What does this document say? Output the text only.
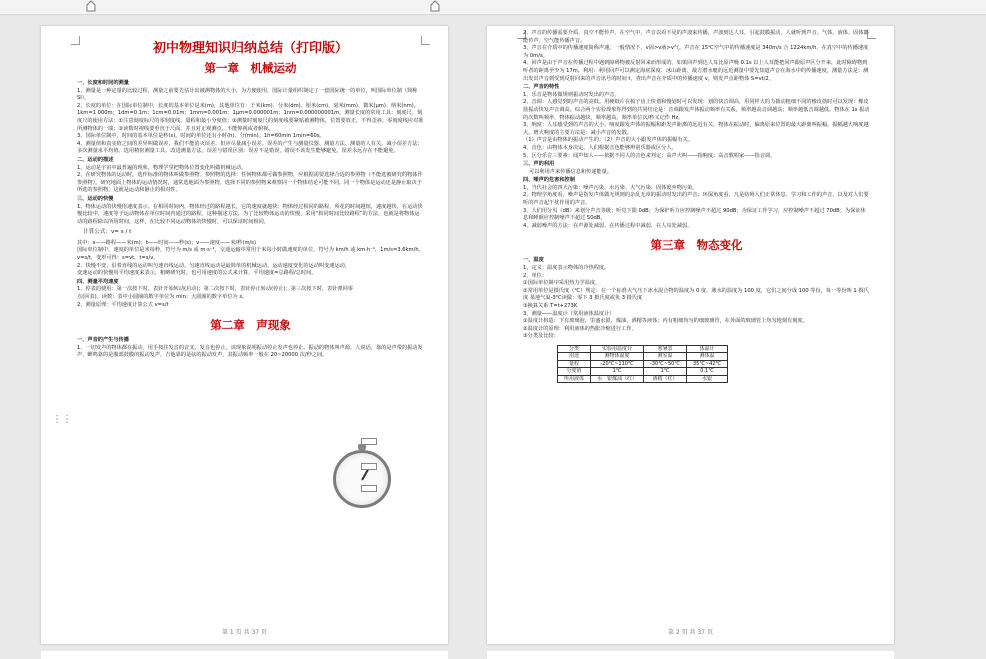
初中物理知识归纳总结（打印版）
第一章　机械运动
一、长度和时间的测量

1、测量是一种定量的比较过程，测量之前要先估计出被测物体的大小，为方便使用，国际计量组织制定了一套国际统一的单位，叫国际单位制（简称 SI）。

2、长度的单位：在国际单位制中，长度的基本单位是米(m)，其他单位有：千米(km)、分米(dm)、厘米(cm)、毫米(mm)、微米(μm)、纳米(nm)。1km=1 000m；1dm=0.1m；1cm=0.01m；1mm=0.001m；1μm=0.000001m；1nm=0.000000001m。测量长度的常用工具：刻度尺。刻度尺的使用方法：①注意刻度标尺的零刻度线、量程和最小分度值；②测量时刻度尺的刻度线要紧贴被测物体，位置要放正，不得歪斜，零刻度线应对准所测物体的一端；③读数时视线要垂直于尺面，并且对正观测点，不能仰视或者俯视。

3、国际单位制中，时间的基本单位是秒(s)。时间的单位还有小时(h)、分(min)。1h=60min 1min=60s。

4、测量值和真实值之间的差异叫做误差，我们不能消灭误差，但应尽量减小误差。误差的产生与测量仪器、测量方法、测量的人有关。减小误差方法：多次测量求平均值、选用精密测量工具、改进测量方法。误差与错误区别：误差不是错误，错误不该发生能够避免，误差永远存在不能避免。

二、运动的描述

1、运动是宇宙中最普遍的现象，物理学里把物体位置变化叫做机械运动。

2、在研究物体的运动时，选作标准的物体叫做参照物。参照物的选择：任何物体都可做参照物，应根据需要选择合适的参照物（不能选被研究的物体作参照物）。研究地面上物体的运动情况时，通常选地面为参照物。选择不同的参照物来观察同一个物体结论可能不同。同一个物体是运动还是静止取决于所选的参照物，这就是运动和静止的相对性。

三、运动的快慢

1、物体运动的快慢用速度表示。在相同时间内，物体经过的路程越长，它的速度就越快；物体经过相同的路程，所花的时间越短，速度越快。在运动快慢比较中，速度等于运动物体在单位时间内通过的路程。这种描述方法，为了比较物体运动的快慢，采用“相同时间比较路程”的方法，也就是将物体运动的路程除以所用时间。这样，在比较不同运动物体的快慢时，可以保证时间相同。

计算公式：v= s / t

其中：s——路程——米(m)；t——时间——秒(s)；v——速度——米/秒(m/s)

国际单位制中，速度的单位是米每秒，符号为 m/s 或 m·s⁻¹，交通运输中常用千米每小时做速度的单位，符号为 km/h 或 km·h⁻¹，1m/s=3.6km/h。v=s/t，变形可得：s=vt，t=s/v。

2、快慢不变，沿着直线的运动叫匀速直线运动。匀速直线运动是最简单的机械运动。运动速度变化的运动叫变速运动，变速运动的快慢用平均速度来表示，粗略研究时，也可用速度的公式来计算，平均速度=总路程/总时间。

四、测量平均速度

1、停表的使用：第一次按下时，表针开始转动(启动)；第二次按下时，表针停止转动(停止)；第三次按下时，表针弹回零点(回表)。读数：表中小圆圈的数字单位为 min；大圆圈的数字单位为 s。

2、测量原理：平均速度计算公式 v=s/t

第二章　声现象
一、声音的产生与传播

1、一切发声的物体都在振动。用手按住发音的音叉，发音也停止，该现象说明振动停止发声也停止。振动的物体叫声源。人说话，靠的是声带的振动发声，蝉鸣靠的是腹部鼓膜的振动发声，吉他靠的是弦的振动发声，其振动频率一般在 20~20000 次/秒之间。

第 1 页 共 37 页
⋮⋮

2、声音的传播需要介质，真空不能传声。在空气中，声音以看不见的声波来传播，声波到达人耳，引起鼓膜振动，人就听到声音。气体、液体、固体都能传声，空气能传播声音。

3、声音在介质中的传播速度简称声速。一般情况下，v固>v液>v气，声音在 15℃空气中的传播速度是 340m/s 合 1224km/h，在真空中的传播速度为 0m/s。

4、回声是由于声音在传播过程中遇到障碍物被反射回来而形成的。如果回声到达人耳比原声晚 0.1s 以上人耳能把回声跟原声区分开来，此时障碍物到听者的距离至少为 17m。利用：利用回声可以测定海底深度、冰山距离、敌方潜水艇的远近测量中要先知道声音在海水中的传播速度，测量方法是：测出发出声音到受到反射回来的声音讯号的时间 t，查出声音在介质中的传播速度 v，则发声点距物体 S=vt/2。

二、声音的特性

1、乐音是物体做规则振动时发出的声音。

2、音调：人感觉到的声音的高低。用硬纸片在梳子齿上快划和慢划时可以发现：划的快音调高，用同样大的力拨动粗细不同的橡皮筋时可以发现：橡皮筋振动快发声音调高。综合两个实验现象你得到的共同结论是：音调跟发声体振动频率有关系，频率越高音调越高；频率越低音调越低。物体在 1s 振动的次数叫频率，物体振动越快，频率越高。频率单位次/秒又记作 Hz。

3、响度：人耳感受到的声音的大小。响度跟发声体的振幅和距发声距离的远近有关。物体在振动时，偏离原来位置的最大距离叫振幅。振幅越大响度越大。增大响度的主要方法是：减小声音的发散。

（1）声音是由物体的振动产生的；（2）声音的大小跟发声体的振幅有关。

4、音色：由物体本身决定。人们根据音色能够辨别乐器或区分人。

5、区分乐音三要素：闻声知人——依据不同人的音色来判定；高声大叫——指响度；高音歌唱家——指音调。

三、声的利用

可以利用声来传播信息和传递能量。

四、噪声的危害和控制

1、当代社会的四大污染：噪声污染、水污染、大气污染、固体废弃物污染。

2、物理学角度看，噪声是指发声体做无规则的杂乱无章的振动时发出的声音；环保角度看，凡是妨碍人们正常休息、学习和工作的声音，以及对人们要听的声音起干扰作用的声音。

3、人们用分贝（dB）来划分声音等级；听觉下限 0dB；为保护听力应控制噪声不超过 90dB；为保证工作学习，应控制噪声不超过 70dB；为保证休息和睡眠应控制噪声不超过 50dB。

4、减弱噪声的方法：在声源处减弱、在传播过程中减弱、在人耳处减弱。

第三章　物态变化
一、温度

1、定义：温度表示物体的冷热程度。

2、单位：

①国际单位制中采用热力学温度。

②常用单位是摄氏度（℃）规定：在一个标准大气压下冰水混合物的温度为 0 度，沸水的温度为 100 度，它们之间分成 100 等份，每一等份叫 1 摄氏度 某地气温-3℃读做：零下 3 摄氏度或负 3 摄氏度

③换算关系 T=t+273K

3、测量——温度计（常用液体温度计）

①温度计构造：下有玻璃泡，里盛水银、煤油、酒精等液体；内有粗细均匀的细玻璃管，在外面的玻璃管上均匀地刻有刻度。

②温度计的原理：利用液体的热胀冷缩进行工作。

③分类及比较：

分类	实验用温度计	寒暑表	体温计
用途	测物体温度	测室温	测体温
量程	-20℃~110℃	-30℃~50℃	35℃~42℃
分度值	1℃	1℃	0.1℃
所用液体	水　银煤油（红）	酒精（红）	水银
第 2 页 共 37 页
